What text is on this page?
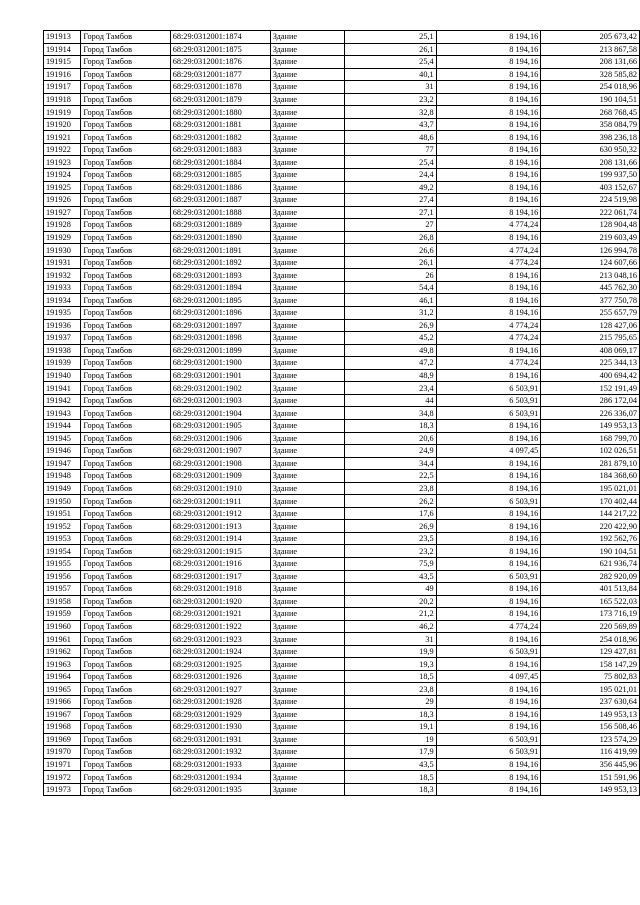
191913	Город Тамбов	68:29:0312001:1874	Здание	25,1	8 194,16	205 673,42
191914	Город Тамбов	68:29:0312001:1875	Здание	26,1	8 194,16	213 867,58
191915	Город Тамбов	68:29:0312001:1876	Здание	25,4	8 194,16	208 131,66
191916	Город Тамбов	68:29:0312001:1877	Здание	40,1	8 194,16	328 585,82
191917	Город Тамбов	68:29:0312001:1878	Здание	31	8 194,16	254 018,96
191918	Город Тамбов	68:29:0312001:1879	Здание	23,2	8 194,16	190 104,51
191919	Город Тамбов	68:29:0312001:1880	Здание	32,8	8 194,16	268 768,45
191920	Город Тамбов	68:29:0312001:1881	Здание	43,7	8 194,16	358 084,79
191921	Город Тамбов	68:29:0312001:1882	Здание	48,6	8 194,16	398 236,18
191922	Город Тамбов	68:29:0312001:1883	Здание	77	8 194,16	630 950,32
191923	Город Тамбов	68:29:0312001:1884	Здание	25,4	8 194,16	208 131,66
191924	Город Тамбов	68:29:0312001:1885	Здание	24,4	8 194,16	199 937,50
191925	Город Тамбов	68:29:0312001:1886	Здание	49,2	8 194,16	403 152,67
191926	Город Тамбов	68:29:0312001:1887	Здание	27,4	8 194,16	224 519,98
191927	Город Тамбов	68:29:0312001:1888	Здание	27,1	8 194,16	222 061,74
191928	Город Тамбов	68:29:0312001:1889	Здание	27	4 774,24	128 904,48
191929	Город Тамбов	68:29:0312001:1890	Здание	26,8	8 194,16	219 603,49
191930	Город Тамбов	68:29:0312001:1891	Здание	26,6	4 774,24	126 994,78
191931	Город Тамбов	68:29:0312001:1892	Здание	26,1	4 774,24	124 607,66
191932	Город Тамбов	68:29:0312001:1893	Здание	26	8 194,16	213 048,16
191933	Город Тамбов	68:29:0312001:1894	Здание	54,4	8 194,16	445 762,30
191934	Город Тамбов	68:29:0312001:1895	Здание	46,1	8 194,16	377 750,78
191935	Город Тамбов	68:29:0312001:1896	Здание	31,2	8 194,16	255 657,79
191936	Город Тамбов	68:29:0312001:1897	Здание	26,9	4 774,24	128 427,06
191937	Город Тамбов	68:29:0312001:1898	Здание	45,2	4 774,24	215 795,65
191938	Город Тамбов	68:29:0312001:1899	Здание	49,8	8 194,16	408 069,17
191939	Город Тамбов	68:29:0312001:1900	Здание	47,2	4 774,24	225 344,13
191940	Город Тамбов	68:29:0312001:1901	Здание	48,9	8 194,16	400 694,42
191941	Город Тамбов	68:29:0312001:1902	Здание	23,4	6 503,91	152 191,49
191942	Город Тамбов	68:29:0312001:1903	Здание	44	6 503,91	286 172,04
191943	Город Тамбов	68:29:0312001:1904	Здание	34,8	6 503,91	226 336,07
191944	Город Тамбов	68:29:0312001:1905	Здание	18,3	8 194,16	149 953,13
191945	Город Тамбов	68:29:0312001:1906	Здание	20,6	8 194,16	168 799,70
191946	Город Тамбов	68:29:0312001:1907	Здание	24,9	4 097,45	102 026,51
191947	Город Тамбов	68:29:0312001:1908	Здание	34,4	8 194,16	281 879,10
191948	Город Тамбов	68:29:0312001:1909	Здание	22,5	8 194,16	184 368,60
191949	Город Тамбов	68:29:0312001:1910	Здание	23,8	8 194,16	195 021,01
191950	Город Тамбов	68:29:0312001:1911	Здание	26,2	6 503,91	170 402,44
191951	Город Тамбов	68:29:0312001:1912	Здание	17,6	8 194,16	144 217,22
191952	Город Тамбов	68:29:0312001:1913	Здание	26,9	8 194,16	220 422,90
191953	Город Тамбов	68:29:0312001:1914	Здание	23,5	8 194,16	192 562,76
191954	Город Тамбов	68:29:0312001:1915	Здание	23,2	8 194,16	190 104,51
191955	Город Тамбов	68:29:0312001:1916	Здание	75,9	8 194,16	621 936,74
191956	Город Тамбов	68:29:0312001:1917	Здание	43,5	6 503,91	282 920,09
191957	Город Тамбов	68:29:0312001:1918	Здание	49	8 194,16	401 513,84
191958	Город Тамбов	68:29:0312001:1920	Здание	20,2	8 194,16	165 522,03
191959	Город Тамбов	68:29:0312001:1921	Здание	21,2	8 194,16	173 716,19
191960	Город Тамбов	68:29:0312001:1922	Здание	46,2	4 774,24	220 569,89
191961	Город Тамбов	68:29:0312001:1923	Здание	31	8 194,16	254 018,96
191962	Город Тамбов	68:29:0312001:1924	Здание	19,9	6 503,91	129 427,81
191963	Город Тамбов	68:29:0312001:1925	Здание	19,3	8 194,16	158 147,29
191964	Город Тамбов	68:29:0312001:1926	Здание	18,5	4 097,45	75 802,83
191965	Город Тамбов	68:29:0312001:1927	Здание	23,8	8 194,16	195 021,01
191966	Город Тамбов	68:29:0312001:1928	Здание	29	8 194,16	237 630,64
191967	Город Тамбов	68:29:0312001:1929	Здание	18,3	8 194,16	149 953,13
191968	Город Тамбов	68:29:0312001:1930	Здание	19,1	8 194,16	156 508,46
191969	Город Тамбов	68:29:0312001:1931	Здание	19	6 503,91	123 574,29
191970	Город Тамбов	68:29:0312001:1932	Здание	17,9	6 503,91	116 419,99
191971	Город Тамбов	68:29:0312001:1933	Здание	43,5	8 194,16	356 445,96
191972	Город Тамбов	68:29:0312001:1934	Здание	18,5	8 194,16	151 591,96
191973	Город Тамбов	68:29:0312001:1935	Здание	18,3	8 194,16	149 953,13
